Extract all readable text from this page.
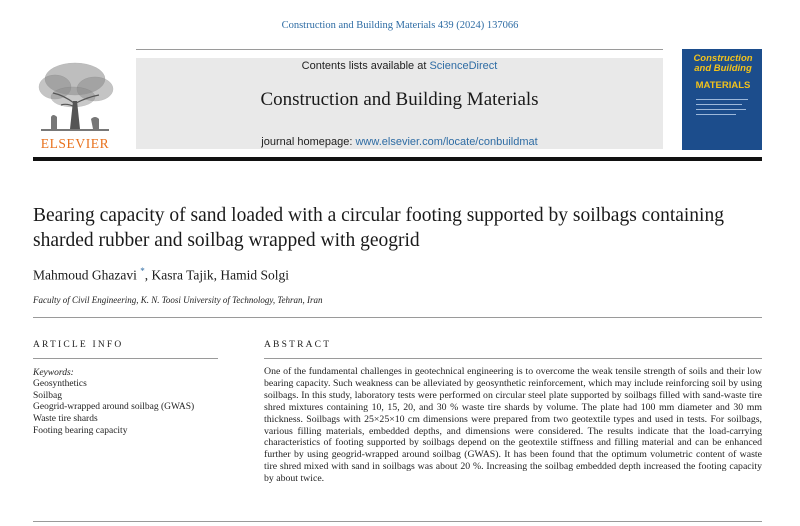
Construction and Building Materials 439 (2024) 137066
ELSEVIER
Contents lists available at ScienceDirect
Construction and Building Materials
journal homepage: www.elsevier.com/locate/conbuildmat
Construction and Building
MATERIALS
Bearing capacity of sand loaded with a circular footing supported by soilbags containing sharded rubber and soilbag wrapped with geogrid
Mahmoud Ghazavi *, Kasra Tajik, Hamid Solgi
Faculty of Civil Engineering, K. N. Toosi University of Technology, Tehran, Iran
ARTICLE INFO
Keywords:
Geosynthetics
Soilbag
Geogrid-wrapped around soilbag (GWAS)
Waste tire shards
Footing bearing capacity
ABSTRACT

One of the fundamental challenges in geotechnical engineering is to overcome the weak tensile strength of soils and their low bearing capacity. Such weakness can be alleviated by geosynthetic reinforcement, which may include reinforcing soil by using soilbags. In this study, laboratory tests were performed on circular steel plate supported by soilbags filled with sand-waste tire shred mixtures containing 10, 15, 20, and 30 % waste tire shards by volume. The plate had 100 mm diameter and 30 mm thickness. Soilbags with 25×25×10 cm dimensions were prepared from two geotextile types and used in tests. For soilbags, various filling materials, embedded depths, and dimensions were considered. The results indicate that the load-carrying characteristics of footing supported by soilbags depend on the geotextile stiffness and filling material and can be enhanced further by using geogrid-wrapped around soilbag (GWAS). It has been found that the optimum volumetric content of waste tire shred mixed with sand in soilbags was about 20 %. Increasing the soilbag embedded depth increased the footing capacity by about twice.
